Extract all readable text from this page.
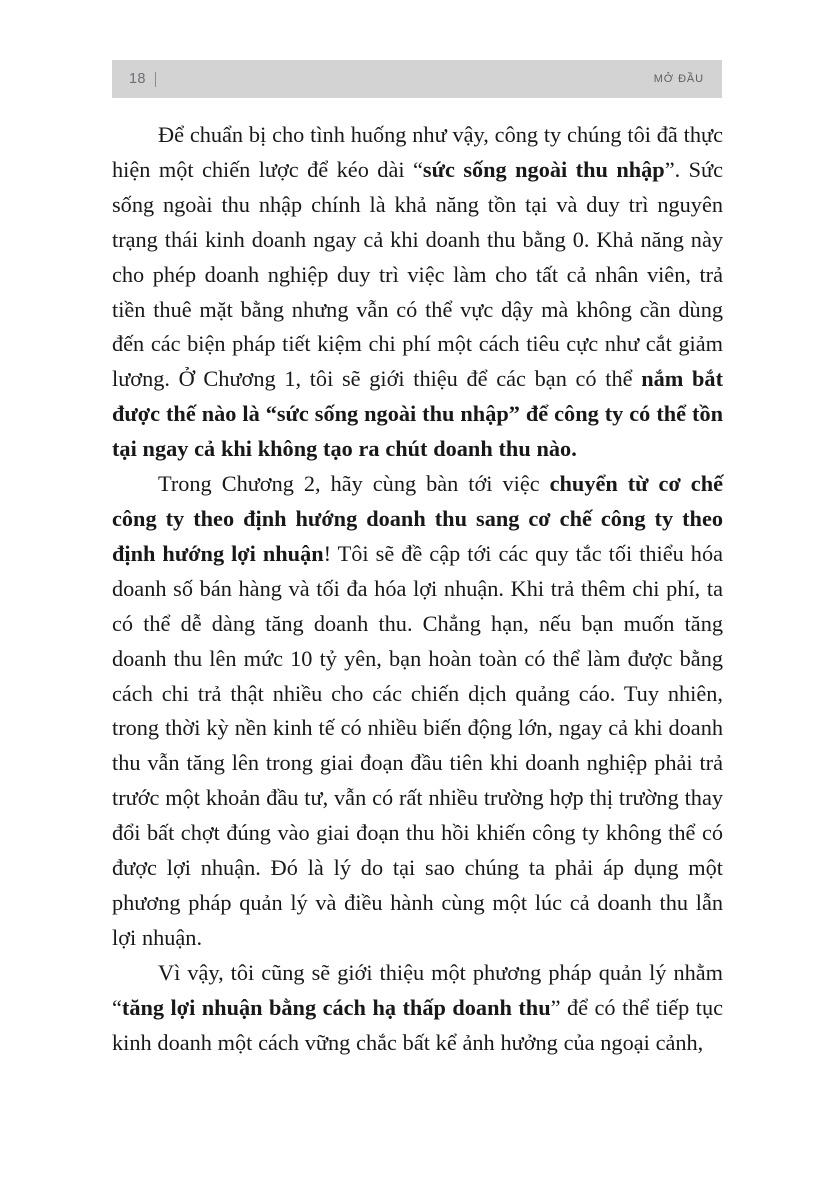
18	MỞ ĐẦU

Để chuẩn bị cho tình huống như vậy, công ty chúng tôi đã thực hiện một chiến lược để kéo dài “sức sống ngoài thu nhập”. Sức sống ngoài thu nhập chính là khả năng tồn tại và duy trì nguyên trạng thái kinh doanh ngay cả khi doanh thu bằng 0. Khả năng này cho phép doanh nghiệp duy trì việc làm cho tất cả nhân viên, trả tiền thuê mặt bằng nhưng vẫn có thể vực dậy mà không cần dùng đến các biện pháp tiết kiệm chi phí một cách tiêu cực như cắt giảm lương. Ở Chương 1, tôi sẽ giới thiệu để các bạn có thể nắm bắt được thế nào là “sức sống ngoài thu nhập” để công ty có thể tồn tại ngay cả khi không tạo ra chút doanh thu nào.

Trong Chương 2, hãy cùng bàn tới việc chuyển từ cơ chế công ty theo định hướng doanh thu sang cơ chế công ty theo định hướng lợi nhuận! Tôi sẽ đề cập tới các quy tắc tối thiểu hóa doanh số bán hàng và tối đa hóa lợi nhuận. Khi trả thêm chi phí, ta có thể dễ dàng tăng doanh thu. Chẳng hạn, nếu bạn muốn tăng doanh thu lên mức 10 tỷ yên, bạn hoàn toàn có thể làm được bằng cách chi trả thật nhiều cho các chiến dịch quảng cáo. Tuy nhiên, trong thời kỳ nền kinh tế có nhiều biến động lớn, ngay cả khi doanh thu vẫn tăng lên trong giai đoạn đầu tiên khi doanh nghiệp phải trả trước một khoản đầu tư, vẫn có rất nhiều trường hợp thị trường thay đổi bất chợt đúng vào giai đoạn thu hồi khiến công ty không thể có được lợi nhuận. Đó là lý do tại sao chúng ta phải áp dụng một phương pháp quản lý và điều hành cùng một lúc cả doanh thu lẫn lợi nhuận.

Vì vậy, tôi cũng sẽ giới thiệu một phương pháp quản lý nhằm “tăng lợi nhuận bằng cách hạ thấp doanh thu” để có thể tiếp tục kinh doanh một cách vững chắc bất kể ảnh hưởng của ngoại cảnh,
